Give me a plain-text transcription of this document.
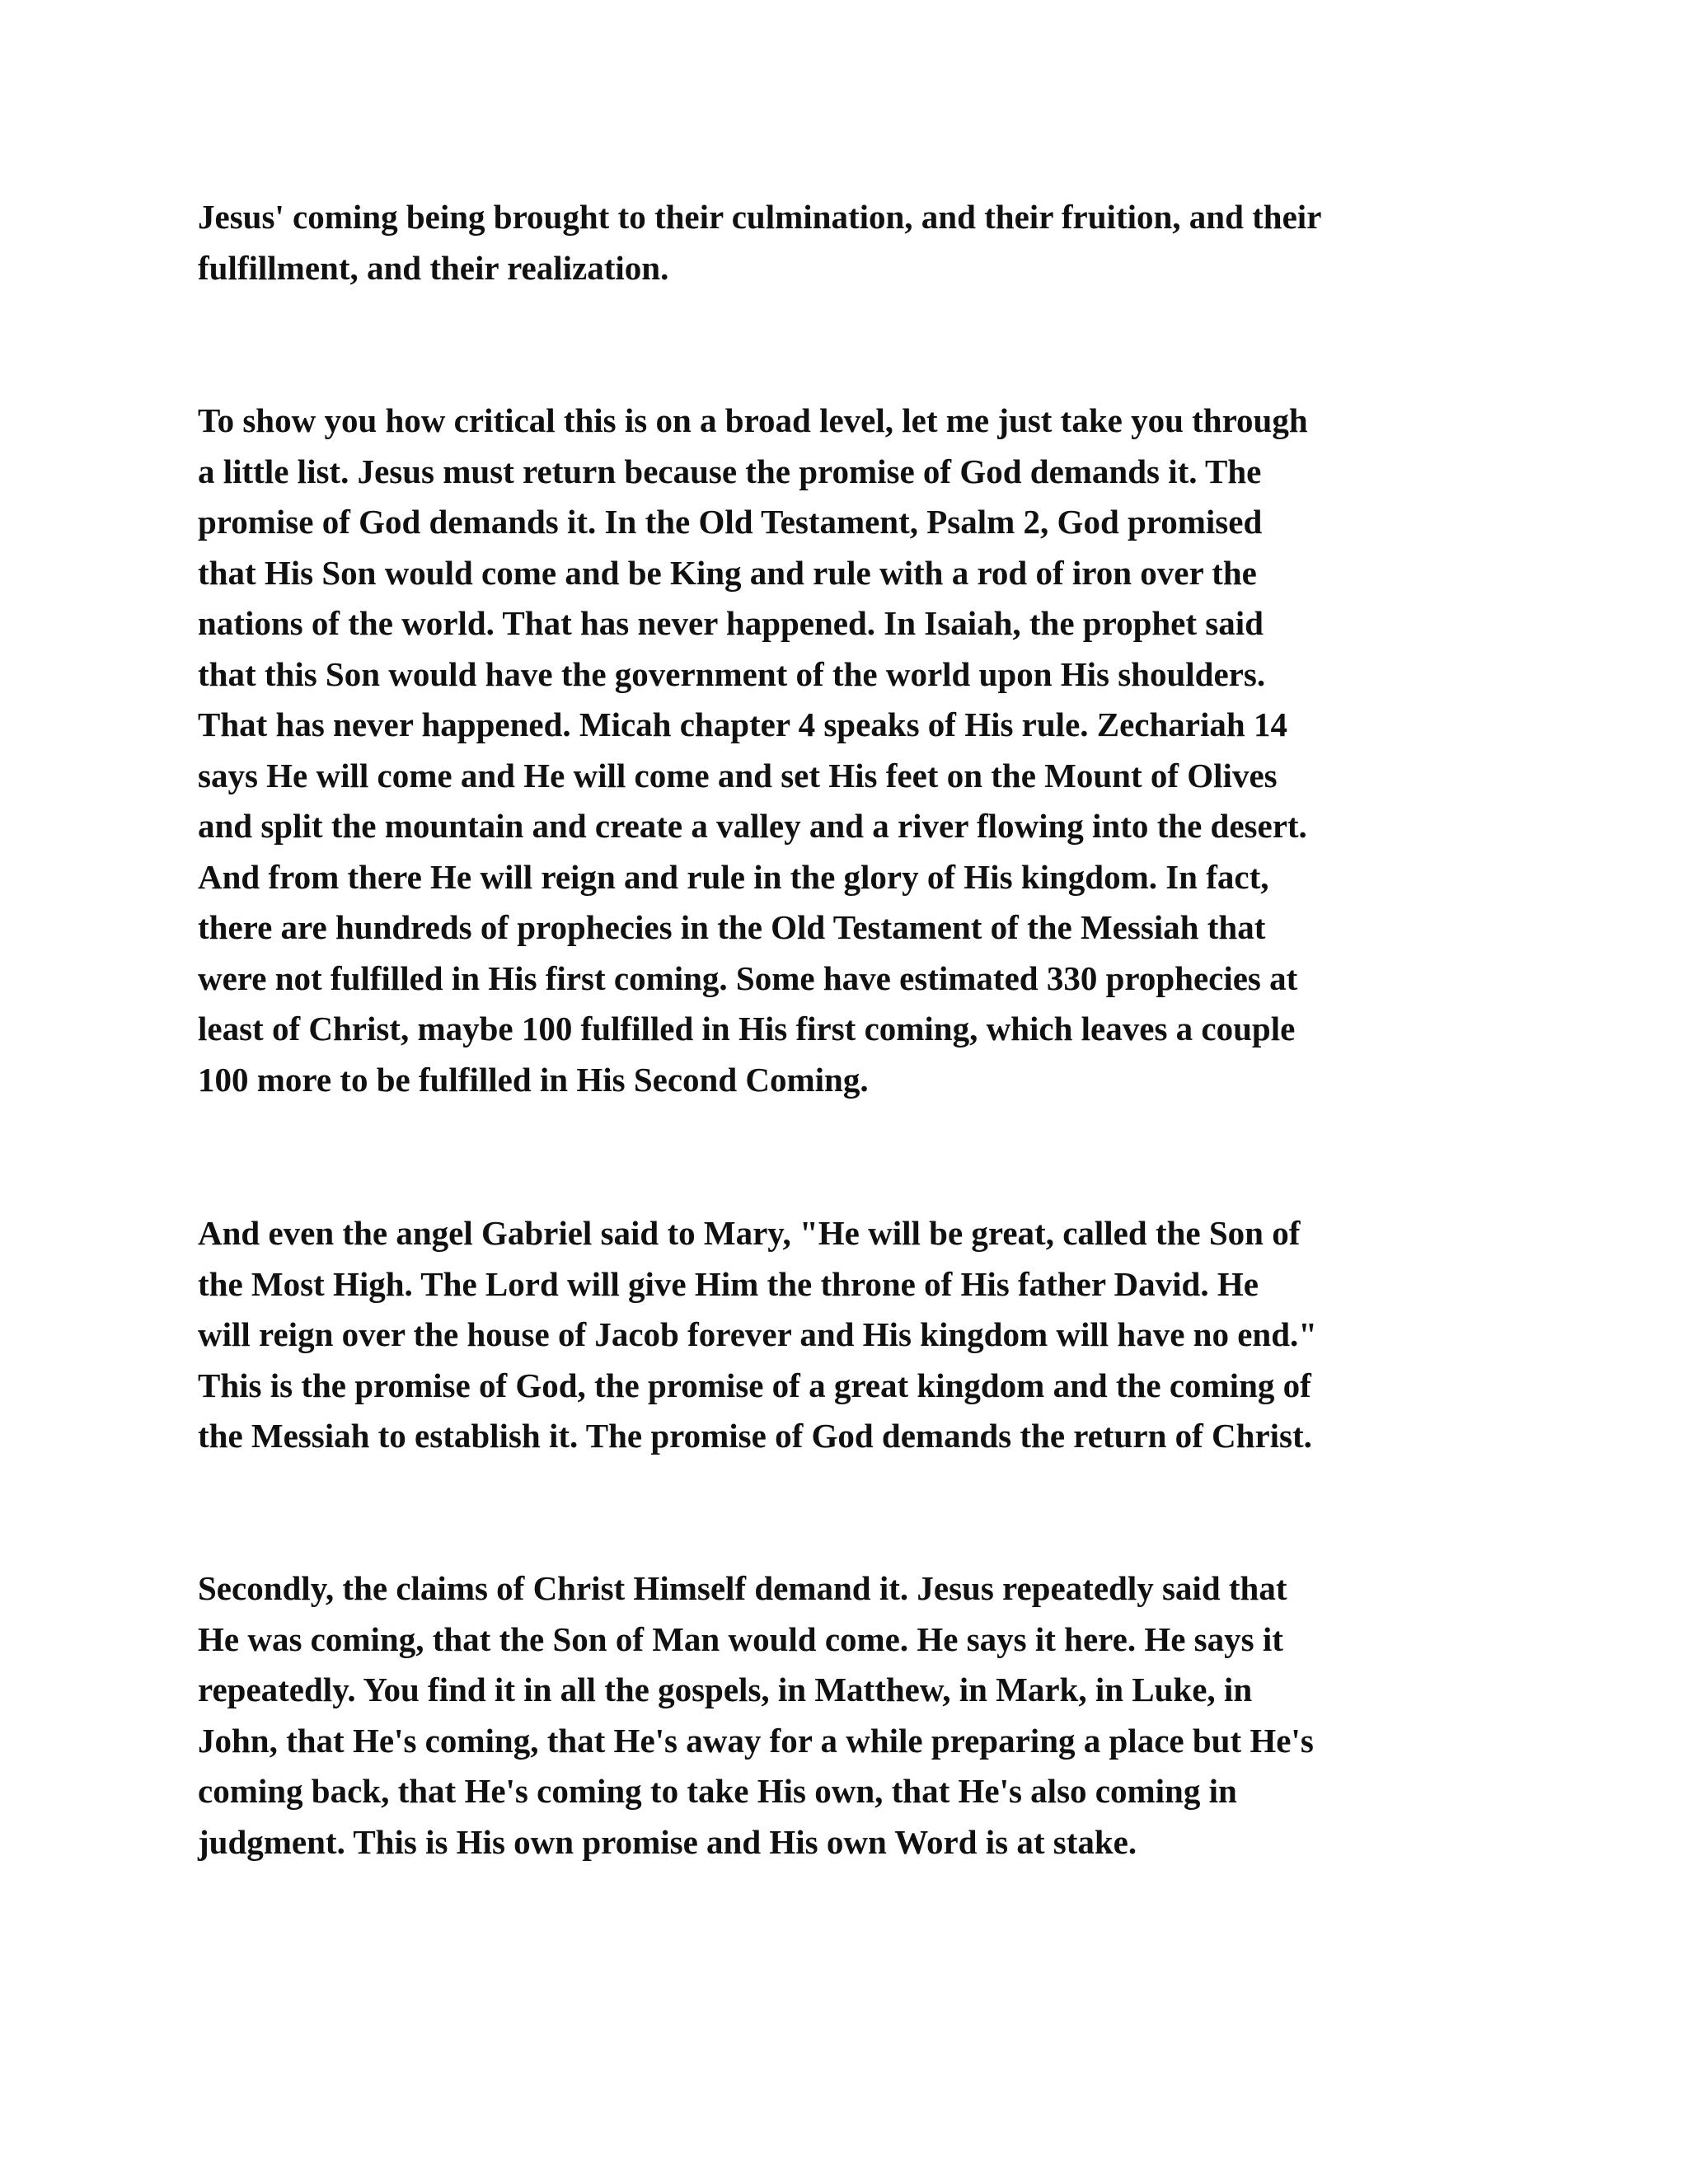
Jesus' coming being brought to their culmination, and their fruition, and their
fulfillment, and their realization.

To show you how critical this is on a broad level, let me just take you through
a little list. Jesus must return because the promise of God demands it. The
promise of God demands it. In the Old Testament, Psalm 2, God promised
that His Son would come and be King and rule with a rod of iron over the
nations of the world. That has never happened. In Isaiah, the prophet said
that this Son would have the government of the world upon His shoulders.
That has never happened. Micah chapter 4 speaks of His rule. Zechariah 14
says He will come and He will come and set His feet on the Mount of Olives
and split the mountain and create a valley and a river flowing into the desert.
And from there He will reign and rule in the glory of His kingdom. In fact,
there are hundreds of prophecies in the Old Testament of the Messiah that
were not fulfilled in His first coming. Some have estimated 330 prophecies at
least of Christ, maybe 100 fulfilled in His first coming, which leaves a couple
100 more to be fulfilled in His Second Coming.

And even the angel Gabriel said to Mary, "He will be great, called the Son of
the Most High. The Lord will give Him the throne of His father David. He
will reign over the house of Jacob forever and His kingdom will have no end."
This is the promise of God, the promise of a great kingdom and the coming of
the Messiah to establish it. The promise of God demands the return of Christ.

Secondly, the claims of Christ Himself demand it. Jesus repeatedly said that
He was coming, that the Son of Man would come. He says it here. He says it
repeatedly. You find it in all the gospels, in Matthew, in Mark, in Luke, in
John, that He's coming, that He's away for a while preparing a place but He's
coming back, that He's coming to take His own, that He's also coming in
judgment. This is His own promise and His own Word is at stake.
